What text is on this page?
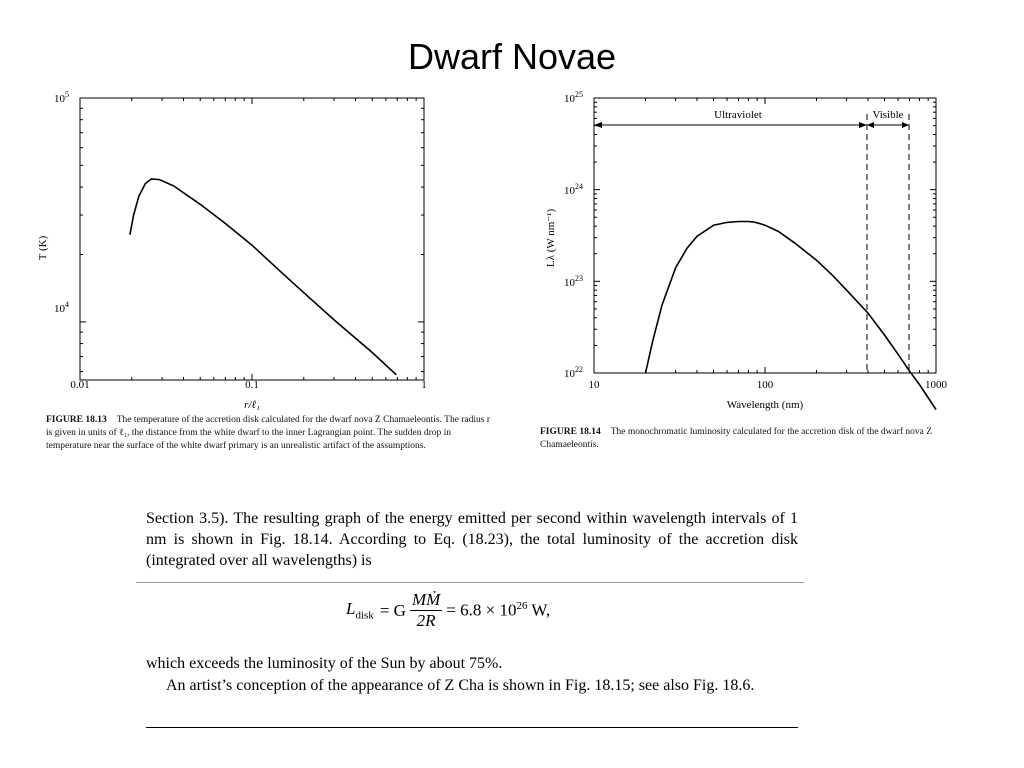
Dwarf Novae
$10^5$
$10^4$
0.01	0.1	1
r/ℓ₁
T (K)
FIGURE 18.13 The temperature of the accretion disk calculated for the dwarf nova Z Chamaeleontis. The radius r is given in units of ℓ₁, the distance from the white dwarf to the inner Lagrangian point. The sudden drop in temperature near the surface of the white dwarf primary is an unrealistic artifact of the assumptions.
Ultraviolet	Visible
$10^{25}$
$10^{24}$
$10^{23}$
$10^{22}$
10	100	1000
Wavelength (nm)
Lλ (W nm⁻¹)
FIGURE 18.14 The monochromatic luminosity calculated for the accretion disk of the dwarf nova Z Chamaeleontis.
Section 3.5). The resulting graph of the energy emitted per second within wavelength intervals of 1 nm is shown in Fig. 18.14. According to Eq. (18.23), the total luminosity of the accretion disk (integrated over all wavelengths) is
$L_{disk} = G \frac{\text{MṀ}}{2R} = 6.8 \times 10^{26}$ W,
which exceeds the luminosity of the Sun by about 75%.
An artist’s conception of the appearance of Z Cha is shown in Fig. 18.15; see also Fig. 18.6.
